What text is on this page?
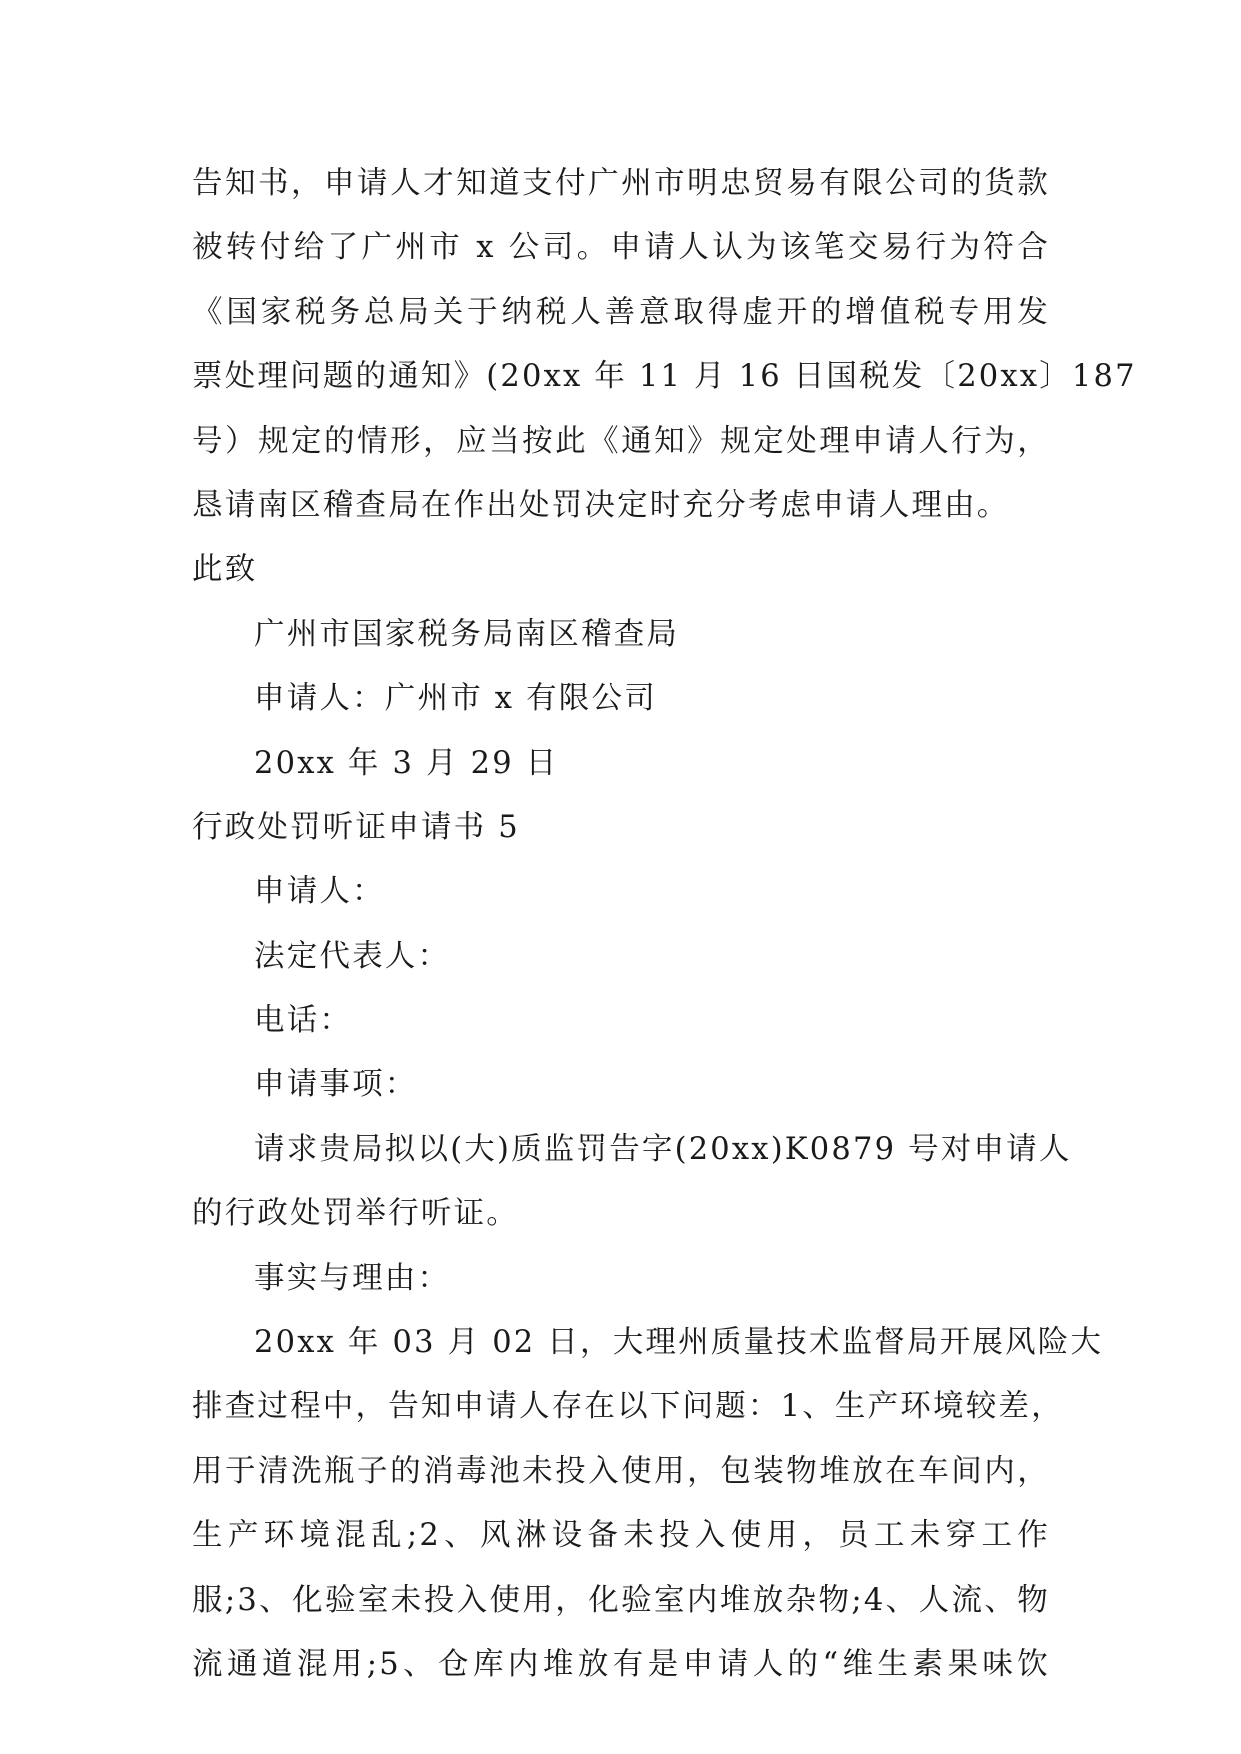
告知书，申请人才知道支付广州市明忠贸易有限公司的货款
被转付给了广州市 x 公司。申请人认为该笔交易行为符合
《国家税务总局关于纳税人善意取得虚开的增值税专用发
票处理问题的通知》(20xx 年 11 月 16 日国税发〔20xx〕187
号）规定的情形，应当按此《通知》规定处理申请人行为，
恳请南区稽查局在作出处罚决定时充分考虑申请人理由。
此致
广州市国家税务局南区稽查局
申请人：广州市 x 有限公司
20xx 年 3 月 29 日
行政处罚听证申请书 5
申请人：
法定代表人：
电话：
申请事项：
请求贵局拟以(大)质监罚告字(20xx)K0879 号对申请人
的行政处罚举行听证。
事实与理由：
20xx 年 03 月 02 日，大理州质量技术监督局开展风险大
排查过程中，告知申请人存在以下问题：1、生产环境较差，
用于清洗瓶子的消毒池未投入使用，包装物堆放在车间内，
生产环境混乱;2、风淋设备未投入使用，员工未穿工作
服;3、化验室未投入使用，化验室内堆放杂物;4、人流、物
流通道混用;5、仓库内堆放有是申请人的“维生素果味饮
